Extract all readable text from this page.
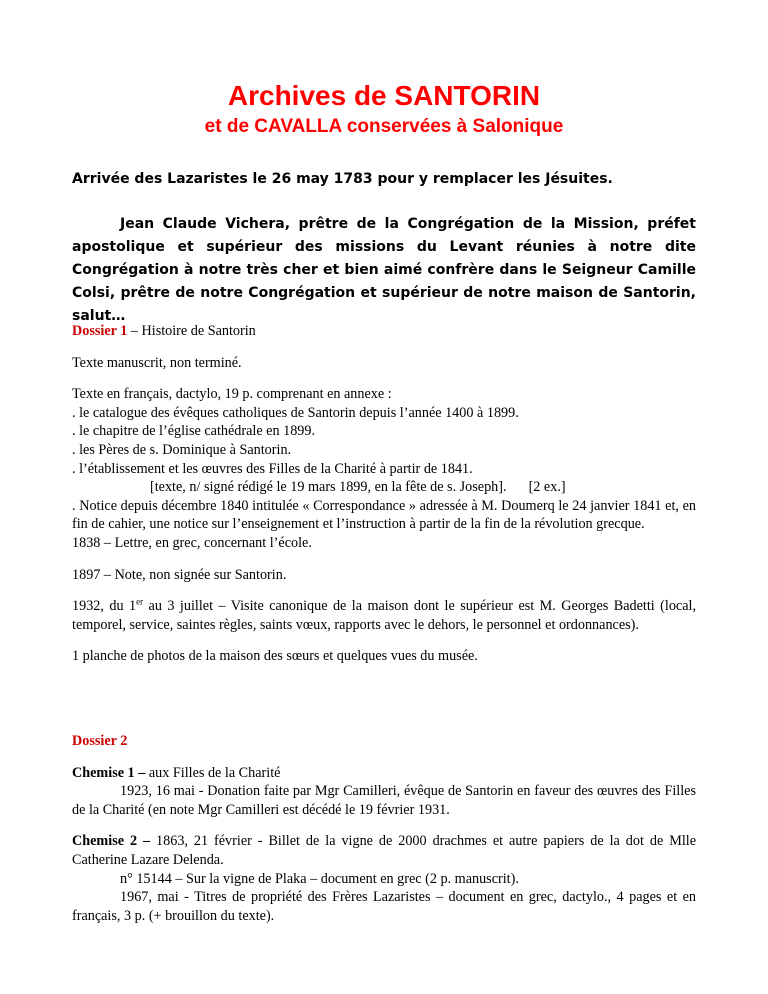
Archives de SANTORIN
et de CAVALLA conservées à Salonique

Arrivée des Lazaristes le 26 may 1783 pour y remplacer les Jésuites.

Jean Claude Vichera, prêtre de la Congrégation de la Mission, préfet apostolique et supérieur des missions du Levant réunies à notre dite Congrégation à notre très cher et bien aimé confrère dans le Seigneur Camille Colsi, prêtre de notre Congrégation et supérieur de notre maison de Santorin, salut…

Dossier 1 – Histoire de Santorin

Texte manuscrit, non terminé.

Texte en français, dactylo, 19 p. comprenant en annexe :

. le catalogue des évêques catholiques de Santorin depuis l’année 1400 à 1899.

. le chapitre de l’église cathédrale en 1899.

. les Pères de s. Dominique à Santorin.

. l’établissement et les œuvres des Filles de la Charité à partir de 1841.

[texte, n/ signé rédigé le 19 mars 1899, en la fête de s. Joseph]. [2 ex.]

. Notice depuis décembre 1840 intitulée « Correspondance » adressée à M. Doumerq le 24 janvier 1841 et, en fin de cahier, une notice sur l’enseignement et l’instruction à partir de la fin de la révolution grecque.

1838 – Lettre, en grec, concernant l’école.

1897 – Note, non signée sur Santorin.

1932, du 1er au 3 juillet – Visite canonique de la maison dont le supérieur est M. Georges Badetti (local, temporel, service, saintes règles, saints vœux, rapports avec le dehors, le personnel et ordonnances).

1 planche de photos de la maison des sœurs et quelques vues du musée.

Dossier 2

Chemise 1 – aux Filles de la Charité

1923, 16 mai - Donation faite par Mgr Camilleri, évêque de Santorin en faveur des œuvres des Filles de la Charité (en note Mgr Camilleri est décédé le 19 février 1931.

Chemise 2 – 1863, 21 février - Billet de la vigne de 2000 drachmes et autre papiers de la dot de Mlle Catherine Lazare Delenda.

n° 15144 – Sur la vigne de Plaka – document en grec (2 p. manuscrit).

1967, mai - Titres de propriété des Frères Lazaristes – document en grec, dactylo., 4 pages et en français, 3 p. (+ brouillon du texte).
